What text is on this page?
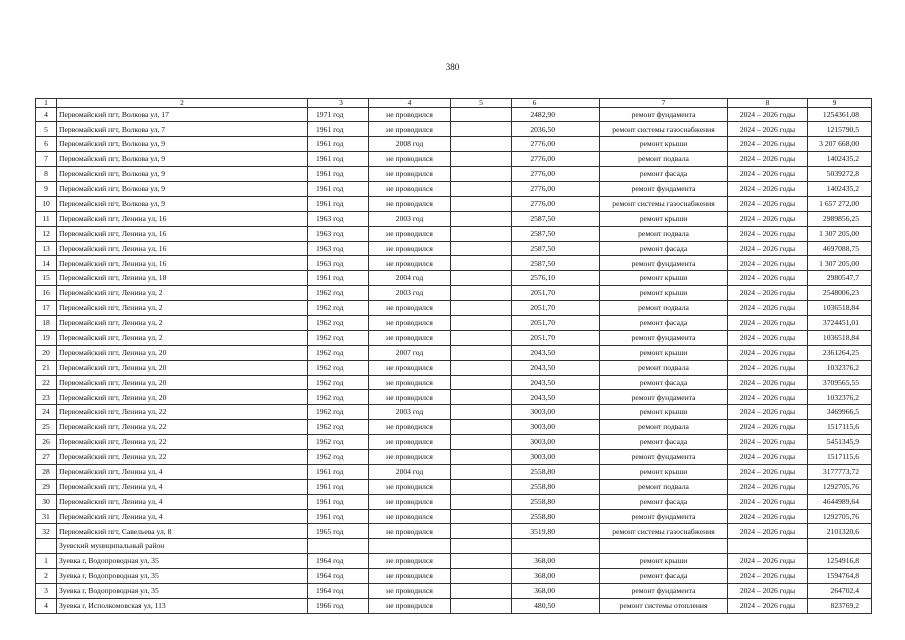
380
1	2	3	4	5	6	7	8	9
4	Первомайский пгт, Волкова ул, 17	1971 год	не проводился		2482,90	ремонт фундамента	2024 – 2026 годы	1254361,08
5	Первомайский пгт, Волкова ул, 7	1961 год	не проводился		2036,50	ремонт системы газоснабжения	2024 – 2026 годы	1215790,5
6	Первомайский пгт, Волкова ул, 9	1961 год	2008 год		2776,00	ремонт крыши	2024 – 2026 годы	3 207 668,00
7	Первомайский пгт, Волкова ул, 9	1961 год	не проводился		2776,00	ремонт подвала	2024 – 2026 годы	1402435,2
8	Первомайский пгт, Волкова ул, 9	1961 год	не проводился		2776,00	ремонт фасада	2024 – 2026 годы	5039272,8
9	Первомайский пгт, Волкова ул, 9	1961 год	не проводился		2776,00	ремонт фундамента	2024 – 2026 годы	1402435,2
10	Первомайский пгт, Волкова ул, 9	1961 год	не проводился		2776,00	ремонт системы газоснабжения	2024 – 2026 годы	1 657 272,00
11	Первомайский пгт, Ленина ул, 16	1963 год	2003 год		2587,50	ремонт крыши	2024 – 2026 годы	2989856,25
12	Первомайский пгт, Ленина ул, 16	1963 год	не проводился		2587,50	ремонт подвала	2024 – 2026 годы	1 307 205,00
13	Первомайский пгт, Ленина ул, 16	1963 год	не проводился		2587,50	ремонт фасада	2024 – 2026 годы	4697088,75
14	Первомайский пгт, Ленина ул, 16	1963 год	не проводился		2587,50	ремонт фундамента	2024 – 2026 годы	1 307 205,00
15	Первомайский пгт, Ленина ул, 18	1961 год	2004 год		2576,10	ремонт крыши	2024 – 2026 годы	2980547,7
16	Первомайский пгт, Ленина ул, 2	1962 год	2003 год		2051,70	ремонт крыши	2024 – 2026 годы	2548006,23
17	Первомайский пгт, Ленина ул, 2	1962 год	не проводился		2051,70	ремонт подвала	2024 – 2026 годы	1036518,84
18	Первомайский пгт, Ленина ул, 2	1962 год	не проводился		2051,70	ремонт фасада	2024 – 2026 годы	3724451,01
19	Первомайский пгт, Ленина ул, 2	1962 год	не проводился		2051,70	ремонт фундамента	2024 – 2026 годы	1036518,84
20	Первомайский пгт, Ленина ул, 20	1962 год	2007 год		2043,50	ремонт крыши	2024 – 2026 годы	2361264,25
21	Первомайский пгт, Ленина ул, 20	1962 год	не проводился		2043,50	ремонт подвала	2024 – 2026 годы	1032376,2
22	Первомайский пгт, Ленина ул, 20	1962 год	не проводился		2043,50	ремонт фасада	2024 – 2026 годы	3709565,55
23	Первомайский пгт, Ленина ул, 20	1962 год	не проводился		2043,50	ремонт фундамента	2024 – 2026 годы	1032376,2
24	Первомайский пгт, Ленина ул, 22	1962 год	2003 год		3003,00	ремонт крыши	2024 – 2026 годы	3469966,5
25	Первомайский пгт, Ленина ул, 22	1962 год	не проводился		3003,00	ремонт подвала	2024 – 2026 годы	1517115,6
26	Первомайский пгт, Ленина ул, 22	1962 год	не проводился		3003,00	ремонт фасада	2024 – 2026 годы	5451345,9
27	Первомайский пгт, Ленина ул, 22	1962 год	не проводился		3003,00	ремонт фундамента	2024 – 2026 годы	1517115,6
28	Первомайский пгт, Ленина ул, 4	1961 год	2004 год		2558,80	ремонт крыши	2024 – 2026 годы	3177773,72
29	Первомайский пгт, Ленина ул, 4	1961 год	не проводился		2558,80	ремонт подвала	2024 – 2026 годы	1292705,76
30	Первомайский пгт, Ленина ул, 4	1961 год	не проводился		2558,80	ремонт фасада	2024 – 2026 годы	4644989,64
31	Первомайский пгт, Ленина ул, 4	1961 год	не проводился		2558,80	ремонт фундамента	2024 – 2026 годы	1292705,76
32	Первомайский пгт, Савельева ул, 8	1965 год	не проводился		3519,80	ремонт системы газоснабжения	2024 – 2026 годы	2101320,6
	Зуевский муниципальный район							
1	Зуевка г, Водопроводная ул, 35	1964 год	не проводился		368,00	ремонт крыши	2024 – 2026 годы	1254916,8
2	Зуевка г, Водопроводная ул, 35	1964 год	не проводился		368,00	ремонт фасада	2024 – 2026 годы	1594764,8
3	Зуевка г, Водопроводная ул, 35	1964 год	не проводился		368,00	ремонт фундамента	2024 – 2026 годы	264702,4
4	Зуевка г, Исполкомовская ул, 113	1966 год	не проводился		480,50	ремонт системы отопления	2024 – 2026 годы	823769,2
